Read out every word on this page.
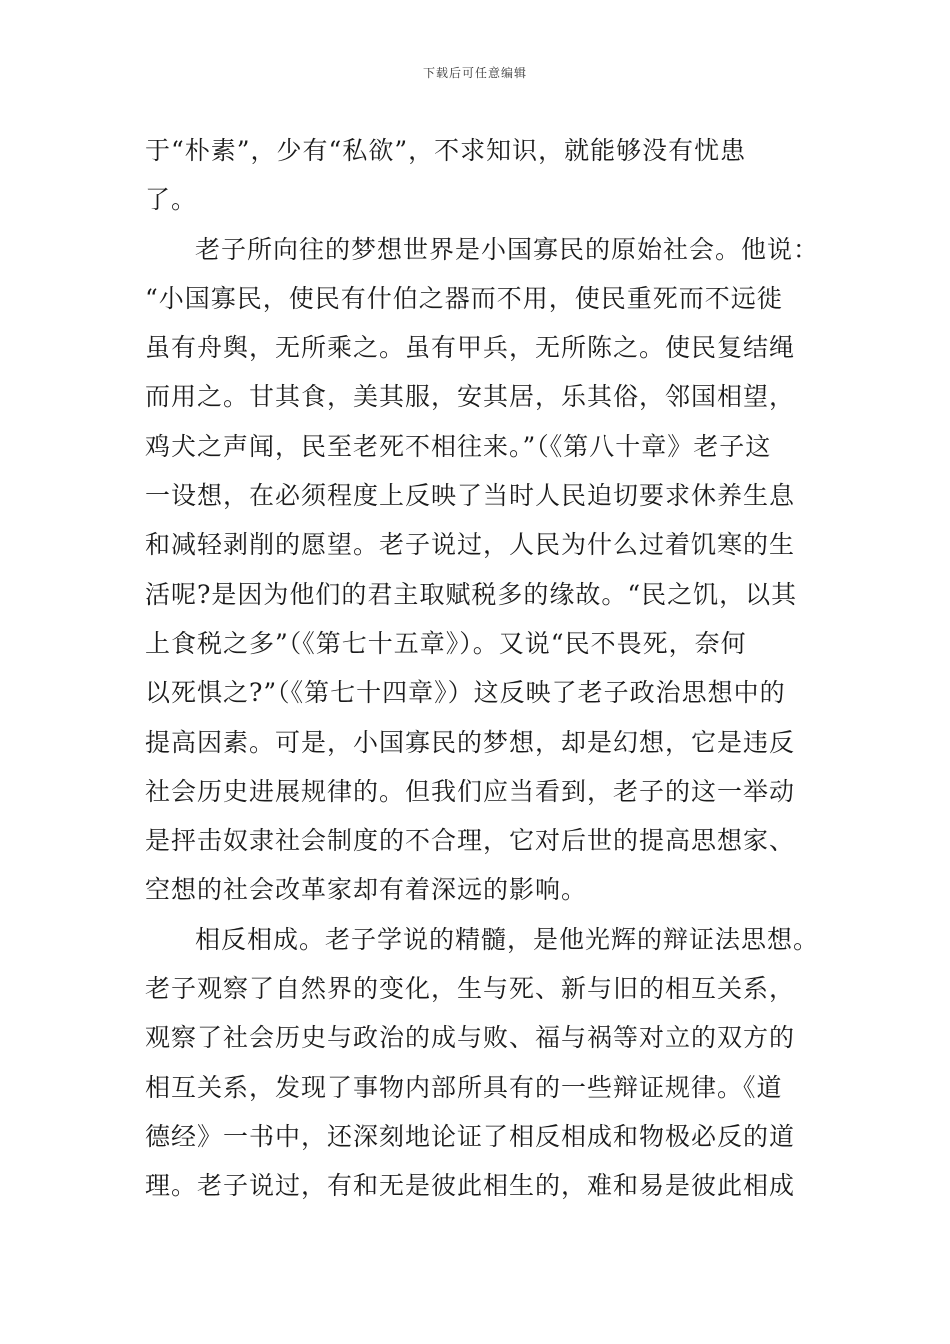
下载后可任意编辑
于“朴素”，少有“私欲”，不求知识，就能够没有忧患
了。
老子所向往的梦想世界是小国寡民的原始社会。他说：
“小国寡民，使民有什伯之器而不用，使民重死而不远徙
虽有舟舆，无所乘之。虽有甲兵，无所陈之。使民复结绳
而用之。甘其食，美其服，安其居，乐其俗，邻国相望，
鸡犬之声闻，民至老死不相往来。”（《第八十章》老子这
一设想，在必须程度上反映了当时人民迫切要求休养生息
和减轻剥削的愿望。老子说过，人民为什么过着饥寒的生
活呢?是因为他们的君主取赋税多的缘故。“民之饥，以其
上食税之多”（《第七十五章》）。又说“民不畏死，奈何
以死惧之?”（《第七十四章》）这反映了老子政治思想中的
提高因素。可是，小国寡民的梦想，却是幻想，它是违反
社会历史进展规律的。但我们应当看到，老子的这一举动
是抨击奴隶社会制度的不合理，它对后世的提高思想家、
空想的社会改革家却有着深远的影响。
相反相成。老子学说的精髓，是他光辉的辩证法思想。
老子观察了自然界的变化，生与死、新与旧的相互关系，
观察了社会历史与政治的成与败、福与祸等对立的双方的
相互关系，发现了事物内部所具有的一些辩证规律。《道
德经》一书中，还深刻地论证了相反相成和物极必反的道
理。老子说过，有和无是彼此相生的，难和易是彼此相成
